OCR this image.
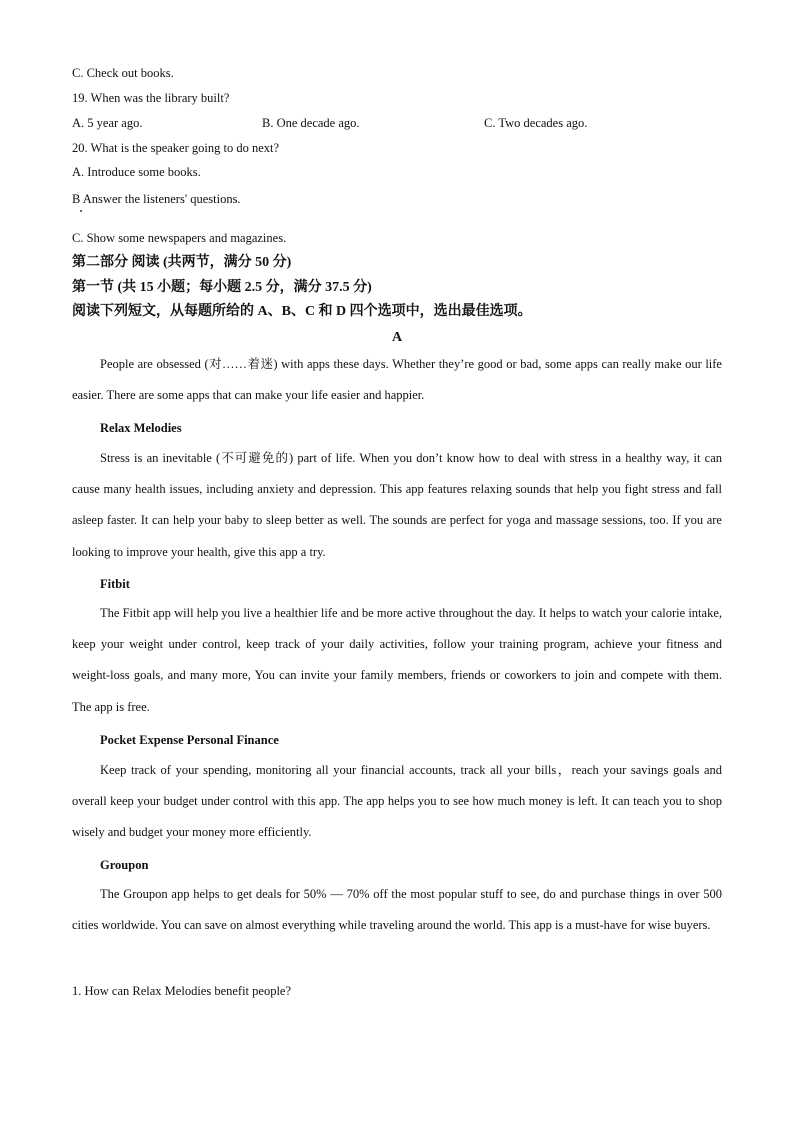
C. Check out books.
19. When was the library built?
A. 5 year ago.	B. One decade ago.	C. Two decades ago.
20. What is the speaker going to do next?
A. Introduce some books.
B Answer the listeners' questions.
C. Show some newspapers and magazines.
第二部分 阅读 (共两节，满分 50 分)
第一节 (共 15 小题；每小题 2.5 分，满分 37.5 分)
阅读下列短文，从每题所给的 A、B、C 和 D 四个选项中，选出最佳选项。
A

People are obsessed (对……着迷) with apps these days. Whether they’re good or bad, some apps can really make our life easier. There are some apps that can make your life easier and happier.

Relax Melodies

Stress is an inevitable (不可避免的) part of life. When you don’t know how to deal with stress in a healthy way, it can cause many health issues, including anxiety and depression. This app features relaxing sounds that help you fight stress and fall asleep faster. It can help your baby to sleep better as well. The sounds are perfect for yoga and massage sessions, too. If you are looking to improve your health, give this app a try.

Fitbit

The Fitbit app will help you live a healthier life and be more active throughout the day. It helps to watch your calorie intake, keep your weight under control, keep track of your daily activities, follow your training program, achieve your fitness and weight-loss goals, and many more, You can invite your family members, friends or coworkers to join and compete with them. The app is free.

Pocket Expense Personal Finance

Keep track of your spending, monitoring all your financial accounts, track all your bills，reach your savings goals and overall keep your budget under control with this app. The app helps you to see how much money is left. It can teach you to shop wisely and budget your money more efficiently.

Groupon

The Groupon app helps to get deals for 50% — 70% off the most popular stuff to see, do and purchase things in over 500 cities worldwide. You can save on almost everything while traveling around the world. This app is a must-have for wise buyers.

1. How can Relax Melodies benefit people?
